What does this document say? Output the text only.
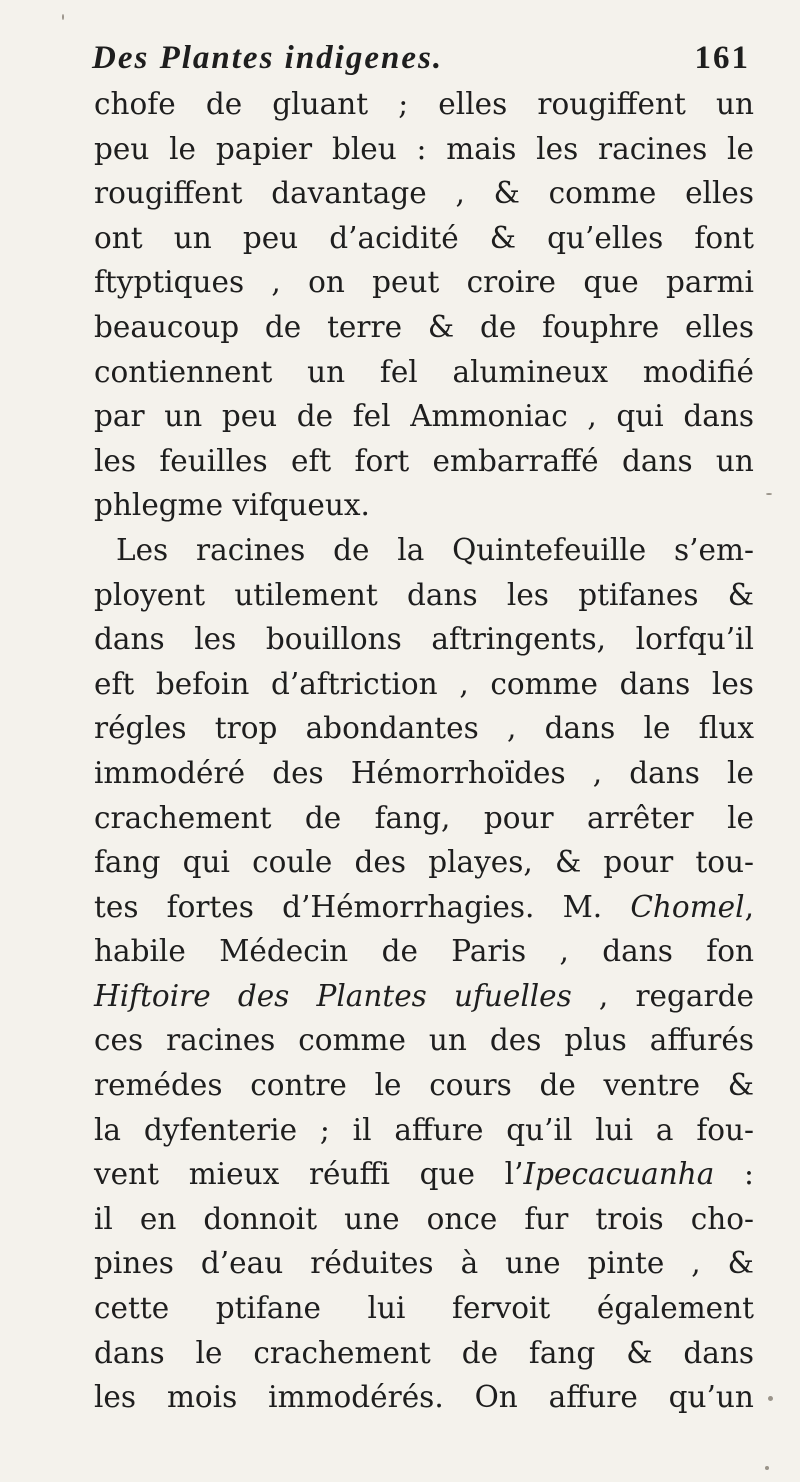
Des Plantes indigenes.	161
chofe de gluant ; elles rougiffent un
peu le papier bleu : mais les racines le
rougiffent davantage , & comme elles
ont un peu d’acidité & qu’elles font
ftyptiques , on peut croire que parmi
beaucoup de terre & de fouphre elles
contiennent un fel alumineux modifié
par un peu de fel Ammoniac , qui dans
les feuilles eft fort embarraffé dans un
phlegme vifqueux.
Les racines de la Quintefeuille s’em-
ployent utilement dans les ptifanes &
dans les bouillons aftringents, lorfqu’il
eft befoin d’aftriction , comme dans les
régles trop abondantes , dans le flux
immodéré des Hémorrhoïdes , dans le
crachement de fang, pour arrêter le
fang qui coule des playes, & pour tou-
tes fortes d’Hémorrhagies. M. Chomel,
habile Médecin de Paris , dans fon
Hiftoire des Plantes ufuelles , regarde
ces racines comme un des plus affurés
remédes contre le cours de ventre &
la dyfenterie ; il affure qu’il lui a fou-
vent mieux réuffi que l’Ipecacuanha :
il en donnoit une once fur trois cho-
pines d’eau réduites à une pinte , &
cette ptifane lui fervoit également
dans le crachement de fang & dans
les mois immodérés. On affure qu’un
